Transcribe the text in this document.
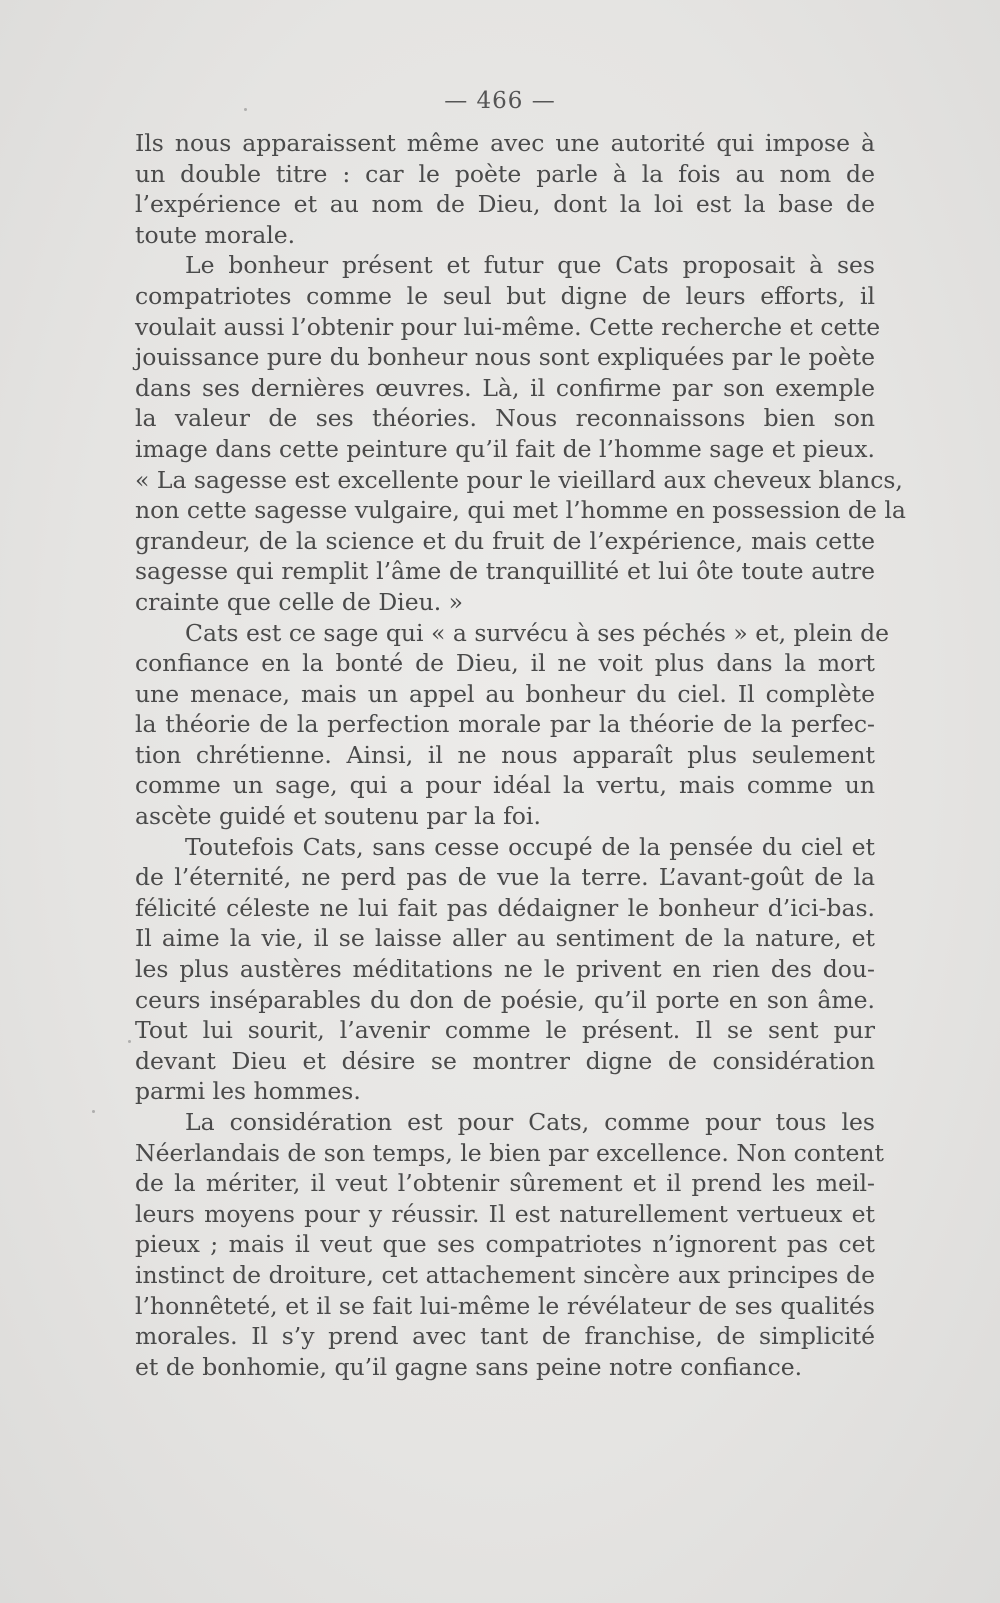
— 466 —
Ils nous apparaissent même avec une autorité qui impose à
un double titre : car le poète parle à la fois au nom de
l’expérience et au nom de Dieu, dont la loi est la base de
toute morale.
Le bonheur présent et futur que Cats proposait à ses
compatriotes comme le seul but digne de leurs efforts, il
voulait aussi l’obtenir pour lui-même. Cette recherche et cette
jouissance pure du bonheur nous sont expliquées par le poète
dans ses dernières œuvres. Là, il confirme par son exemple
la valeur de ses théories. Nous reconnaissons bien son
image dans cette peinture qu’il fait de l’homme sage et pieux.
« La sagesse est excellente pour le vieillard aux cheveux blancs,
non cette sagesse vulgaire, qui met l’homme en possession de la
grandeur, de la science et du fruit de l’expérience, mais cette
sagesse qui remplit l’âme de tranquillité et lui ôte toute autre
crainte que celle de Dieu. »
Cats est ce sage qui « a survécu à ses péchés » et, plein de
confiance en la bonté de Dieu, il ne voit plus dans la mort
une menace, mais un appel au bonheur du ciel. Il complète
la théorie de la perfection morale par la théorie de la perfec-
tion chrétienne. Ainsi, il ne nous apparaît plus seulement
comme un sage, qui a pour idéal la vertu, mais comme un
ascète guidé et soutenu par la foi.
Toutefois Cats, sans cesse occupé de la pensée du ciel et
de l’éternité, ne perd pas de vue la terre. L’avant-goût de la
félicité céleste ne lui fait pas dédaigner le bonheur d’ici-bas.
Il aime la vie, il se laisse aller au sentiment de la nature, et
les plus austères méditations ne le privent en rien des dou-
ceurs inséparables du don de poésie, qu’il porte en son âme.
Tout lui sourit, l’avenir comme le présent. Il se sent pur
devant Dieu et désire se montrer digne de considération
parmi les hommes.
La considération est pour Cats, comme pour tous les
Néerlandais de son temps, le bien par excellence. Non content
de la mériter, il veut l’obtenir sûrement et il prend les meil-
leurs moyens pour y réussir. Il est naturellement vertueux et
pieux ; mais il veut que ses compatriotes n’ignorent pas cet
instinct de droiture, cet attachement sincère aux principes de
l’honnêteté, et il se fait lui-même le révélateur de ses qualités
morales. Il s’y prend avec tant de franchise, de simplicité
et de bonhomie, qu’il gagne sans peine notre confiance.
